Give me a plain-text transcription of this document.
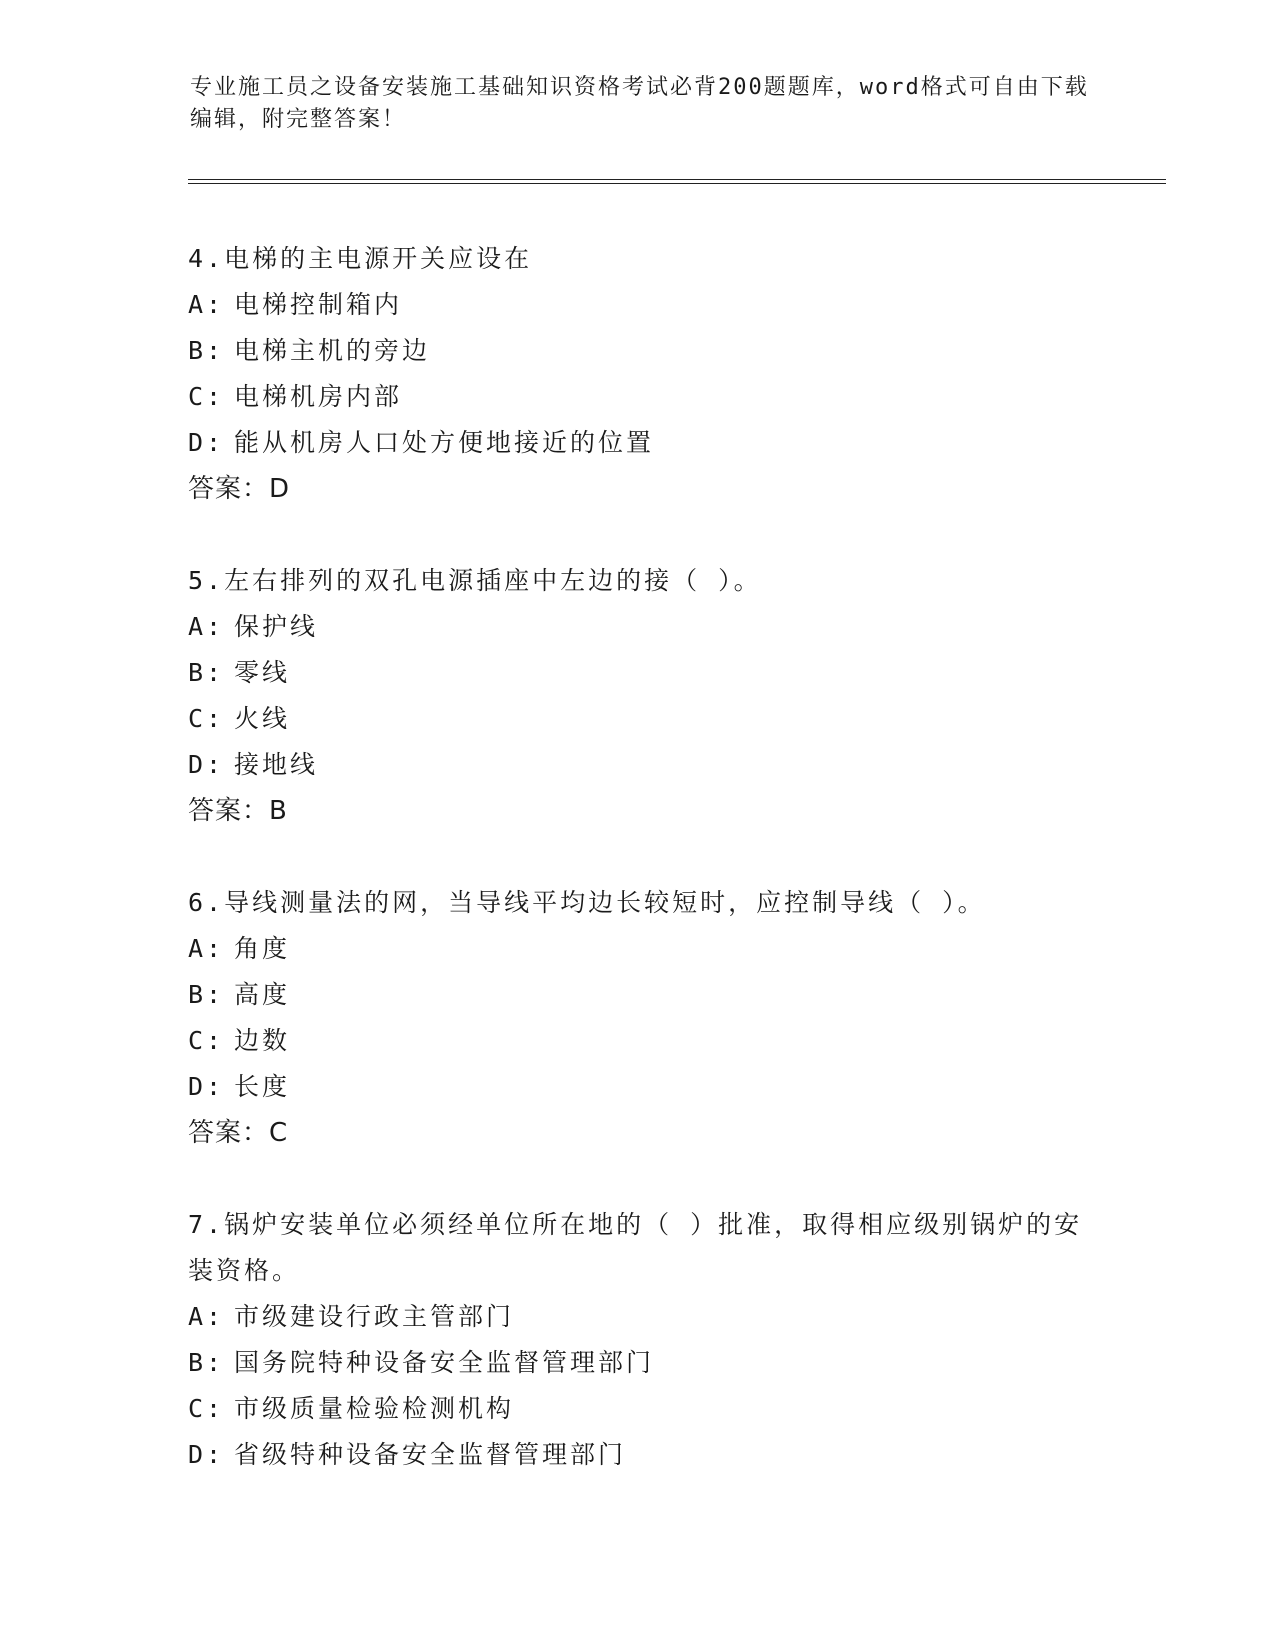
专业施工员之设备安装施工基础知识资格考试必背200题题库，word格式可自由下载编辑，附完整答案！
4.电梯的主电源开关应设在
A: 电梯控制箱内
B: 电梯主机的旁边
C: 电梯机房内部
D: 能从机房人口处方便地接近的位置
答案：D
5.左右排列的双孔电源插座中左边的接（ ）。
A: 保护线
B: 零线
C: 火线
D: 接地线
答案：B
6.导线测量法的网，当导线平均边长较短时，应控制导线（ ）。
A: 角度
B: 高度
C: 边数
D: 长度
答案：C
7.锅炉安装单位必须经单位所在地的（ ）批准，取得相应级别锅炉的安装资格。
A: 市级建设行政主管部门
B: 国务院特种设备安全监督管理部门
C: 市级质量检验检测机构
D: 省级特种设备安全监督管理部门
